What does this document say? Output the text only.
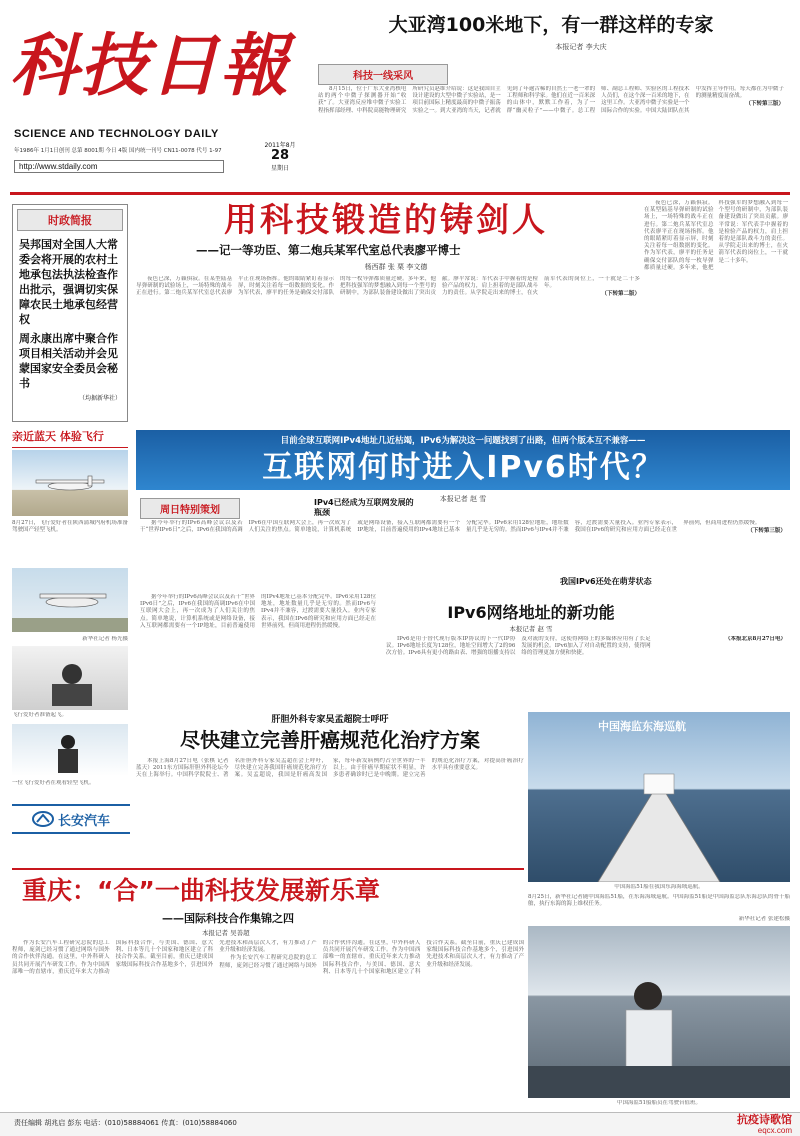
科技日報
SCIENCE AND TECHNOLOGY DAILY
年1986年 1月1日创刊 总第 8001期 今日 4版 国内统一刊号 CN11-0078 代号 1-97
2011年8月
28
星期日
http://www.stdaily.com
大亚湾100米地下，有一群这样的专家
本报记者 李大庆
科技一线采风

8月15日，位于广东大亚湾核电站的两个中微子探测器开始“收获”了。大亚湾反应堆中微子实验工程指挥部经理、中科院高能物理研究所研究员赵维介绍说：这是我国自主设计建设的大型中微子实验站，是一项目前国际上精度最高的中微子振荡实验之一。到大亚湾的当天，记者就见到了年逾古稀的自然王一老一辈的工程师和科学家。他们在近一百米深的山体中，默默工作着，为了一群“幽灵粒子”——中微子。总工程师、副总工程师、实验区的工程技术人员们，在这个深一百米的地下，在这里工作。大亚湾中微子实验是一个国际合作的实验。中国大陆团队在其中发挥主导作用。每天都在为中微子的测量精度而奋战。

（下转第三版）

时政简报
吴邦国对全国人大常委会将开展的农村土地承包法执法检查作出批示，强调切实保障农民土地承包经营权
周永康出席中聚合作项目相关活动并会见蒙国家安全委员会秘书
（均据新华社）
亲近蓝天 体验飞行
8月27日，飞行爱好者在陕西蒲城内府机场准备驾驶国产轻型飞机。
新华社记者 杨光摄
飞行爱好者准备起飞。
一位飞行爱好者在观看轻型飞机。
用科技锻造的铸剑人
——记一等功臣、第二炮兵某军代室总代表廖平博士
杨西群 张 栗 李文德

夜色已深，万籁俱寂。在某型陆基导弹研制的试验场上，一场特殊的战斗正在进行。第二炮兵某军代室总代表廖平正在现场指挥。他的眼睛紧盯着显示屏，时刻关注着每一组数据的变化。作为军代表，廖平的任务是确保交付部队的每一枚导弹都质量过硬。多年来，他把科技强军的梦想融入到每一个型号的研制中，为部队装备建设做出了突出贡献。廖平常说：军代表手中握着的是检验产品的权力，肩上担着的是部队战斗力的责任。从学院走出来的博士，在火箭军代表的岗位上，一干就是二十多年。

夜色已深，万籁俱寂。在某型陆基导弹研制的试验场上，一场特殊的战斗正在进行。第二炮兵某军代室总代表廖平正在现场指挥。他的眼睛紧盯着显示屏，时刻关注着每一组数据的变化。作为军代表，廖平的任务是确保交付部队的每一枚导弹都质量过硬。多年来，他把科技强军的梦想融入到每一个型号的研制中，为部队装备建设做出了突出贡献。廖平常说：军代表手中握着的是检验产品的权力，肩上担着的是部队战斗力的责任。从学院走出来的博士，在火箭军代表的岗位上，一干就是二十多年。

（下转第二版）

目前全球互联网IPv4地址几近枯竭，IPv6为解决这一问题找到了出路，但两个版本互不兼容——
互联网何时进入IPv6时代？
本报记者 赵 雪
周日特别策划
IPv4已经成为互联网发展的瓶颈
我国IPv6还处在萌芽状态

据今年举行的IPv6高峰会议以及若干“世界IPv6日”之后，IPv6在我国的高调IPv6在中国互联网大会上，再一次成为了人们关注的焦点。简单地说，计算机系统或是网络设备，接入互联网都需要有一个IP地址，目前普遍使用的IPv4地址已基本分配完毕。IPv6采用128位地址，地址数量几乎是无穷的。然而IPv6与IPv4并不兼容，过渡需要大量投入。业内专家表示，我国在IPv6的研究和应用方面已经走在世界前列，但商用进程仍然缓慢。

（下转第三版）

据今年举行的IPv6高峰会议以及若干“世界IPv6日”之后，IPv6在我国的高调IPv6在中国互联网大会上，再一次成为了人们关注的焦点。简单地说，计算机系统或是网络设备，接入互联网都需要有一个IP地址，目前普遍使用的IPv4地址已基本分配完毕。IPv6采用128位地址，地址数量几乎是无穷的。然而IPv6与IPv4并不兼容，过渡需要大量投入。业内专家表示，我国在IPv6的研究和应用方面已经走在世界前列，但商用进程仍然缓慢。

IPv6网络地址的新功能
本报记者 赵 雪

IPv6是用于替代现行版本IP协议的下一代IP协议。IPv6地址长度为128位，地址空间增大了2的96次方倍。IPv6具有更小的路由表、增强的组播支持以及对流的支持，这使得网络上的多媒体应用有了长足发展的机会。IPv6加入了对自动配置的支持，使得网络的管理更加方便和快捷。

（本报北京8月27日电）

肝胆外科专家吴孟超院士呼吁
尽快建立完善肝癌规范化治疗方案

本报上海8月27日电（张棋 记者 蓝天）2011东方国际肝胆外科论坛今天在上海举行。中国科学院院士、著名肝胆外科专家吴孟超在会上呼吁，尽快建立完善我国肝癌规范化治疗方案。吴孟超说，我国是肝癌高发国家，每年新发病例约占全世界的一半以上。由于肝癌早期症状不明显，许多患者确诊时已是中晚期。建立完善的规范化治疗方案，对提高肝癌治疗水平具有重要意义。

中国海监东海巡航
中国海监51船在我国东海海域巡航。
8月25日，新华社记者随中国海监51船，在东海海域巡航。中国海监51船是中国海监总队东海总队的骨干船舶，执行东海的海上维权任务。
新华社记者 张建松摄
中国海监51船船员在驾驶台值班。
长安汽车
重庆：“合”一曲科技发展新乐章
——国际科技合作集锦之四
本报记者 吴善超

作为长安汽车工程研究总院的总工程师，庞剑已经习惯了通过网络与国外的合作伙伴沟通。在这里，中外科研人员共同开展汽车研发工作。作为中国西部唯一的直辖市，重庆近年来大力推动国际科技合作，与美国、德国、意大利、日本等几十个国家和地区建立了科技合作关系。截至目前，重庆已建成国家级国际科技合作基地多个，引进国外先进技术和高层次人才，有力推动了产业升级和经济发展。

作为长安汽车工程研究总院的总工程师，庞剑已经习惯了通过网络与国外的合作伙伴沟通。在这里，中外科研人员共同开展汽车研发工作。作为中国西部唯一的直辖市，重庆近年来大力推动国际科技合作，与美国、德国、意大利、日本等几十个国家和地区建立了科技合作关系。截至目前，重庆已建成国家级国际科技合作基地多个，引进国外先进技术和高层次人才，有力推动了产业升级和经济发展。

责任编辑 胡兆启 彭东 电话：(010)58884061 传真：(010)58884060	抗疫诗歌馆
eqcx.com
